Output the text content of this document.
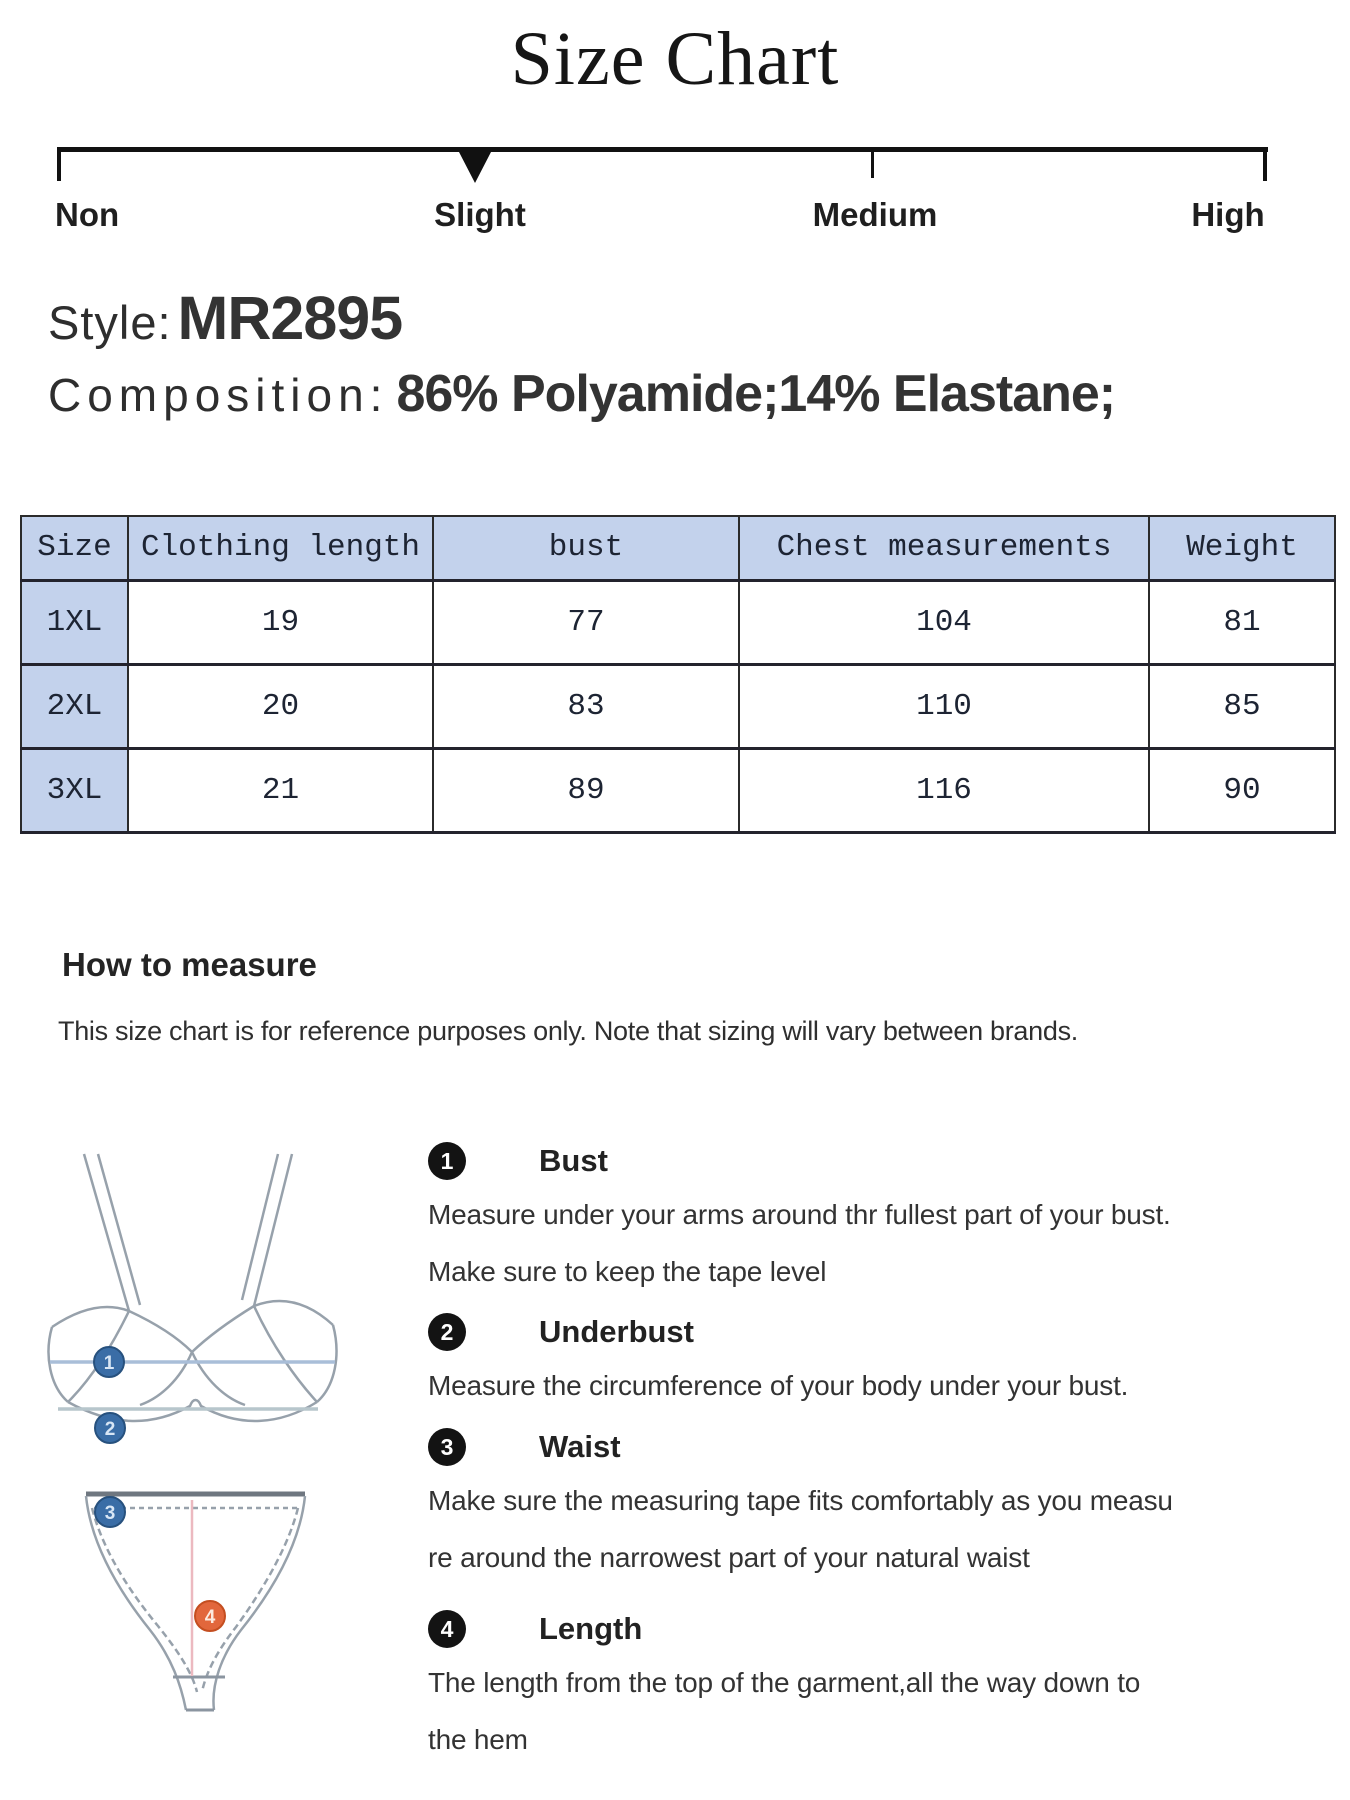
Size Chart
Non	Slight	Medium	High
Style: MR2895
Composition: 86% Polyamide;14% Elastane;
Size	Clothing length	bust	Chest measurements	Weight
1XL	19	77	104	81
2XL	20	83	110	85
3XL	21	89	116	90
How to measure
This size chart is for reference purposes only. Note that sizing will vary between brands.
1
2
3
4
1	Bust
Measure under your arms around thr fullest part of your bust.
Make sure to keep the tape level
2	Underbust
Measure the circumference of your body under your bust.
3	Waist
Make sure the measuring tape fits comfortably as you measu
re around the narrowest part of your natural waist
4	Length
The length from the top of the garment,all the way down to
the hem
